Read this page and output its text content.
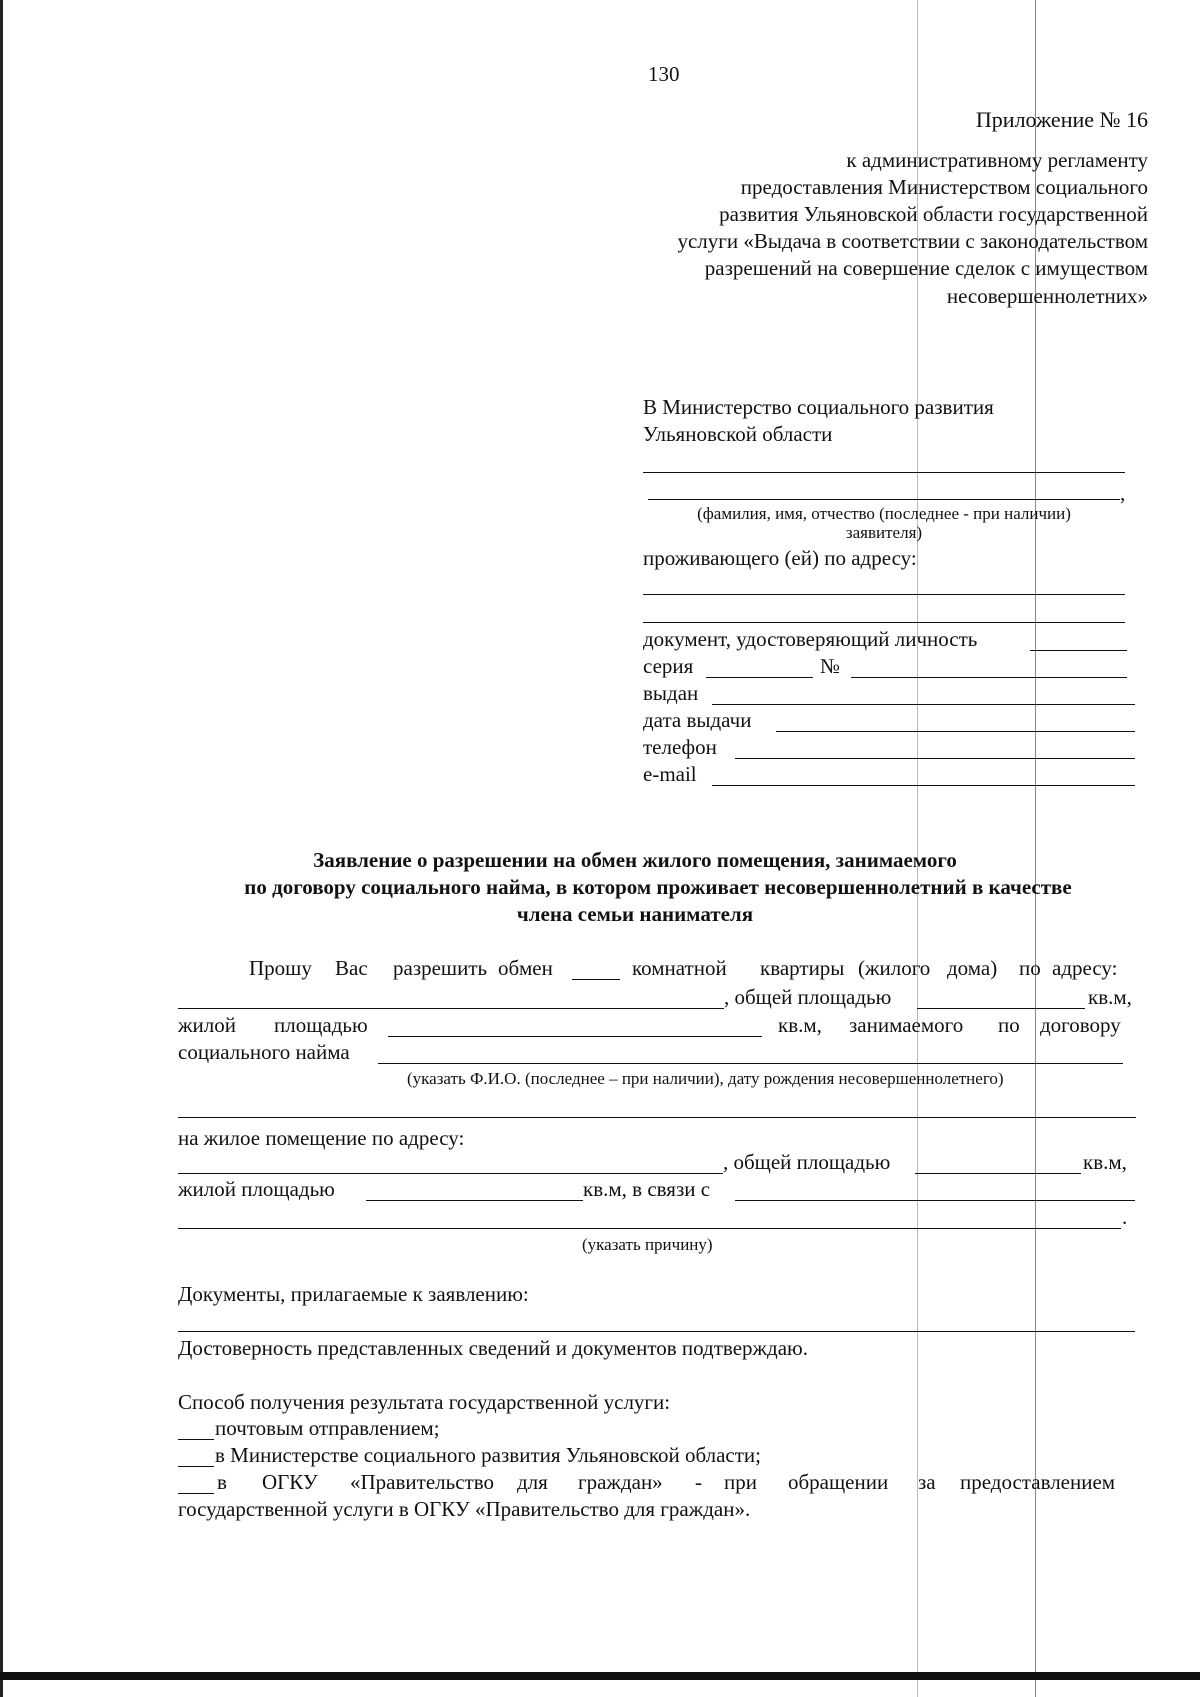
130
Приложение № 16
к административному регламенту
предоставления Министерством социального
развития Ульяновской области государственной
услуги «Выдача в соответствии с законодательством
разрешений на совершение сделок с имуществом
несовершеннолетних»
В Министерство социального развития
Ульяновской области
,
(фамилия, имя, отчество (последнее - при наличии)
заявителя)
проживающего (ей) по адресу:
документ, удостоверяющий личность
серия	№
выдан
дата выдачи
телефон
e-mail
Заявление о разрешении на обмен жилого помещения, занимаемого
по договору социального найма, в котором проживает несовершеннолетний в качестве
члена семьи нанимателя
Прошу Вас разрешить обмен	комнатной квартиры (жилого дома) по адресу:
, общей площадью	кв.м,
жилой площадью	кв.м, занимаемого по договору
социального найма
(указать Ф.И.О. (последнее – при наличии), дату рождения несовершеннолетнего)
на жилое помещение по адресу:
, общей площадью	кв.м,
жилой площадью	кв.м, в связи с
.
(указать причину)
Документы, прилагаемые к заявлению:
Достоверность представленных сведений и документов подтверждаю.
Способ получения результата государственной услуги:
почтовым отправлением;
в Министерстве социального развития Ульяновской области;
в ОГКУ «Правительство для граждан» - при обращении за предоставлением
государственной услуги в ОГКУ «Правительство для граждан».
